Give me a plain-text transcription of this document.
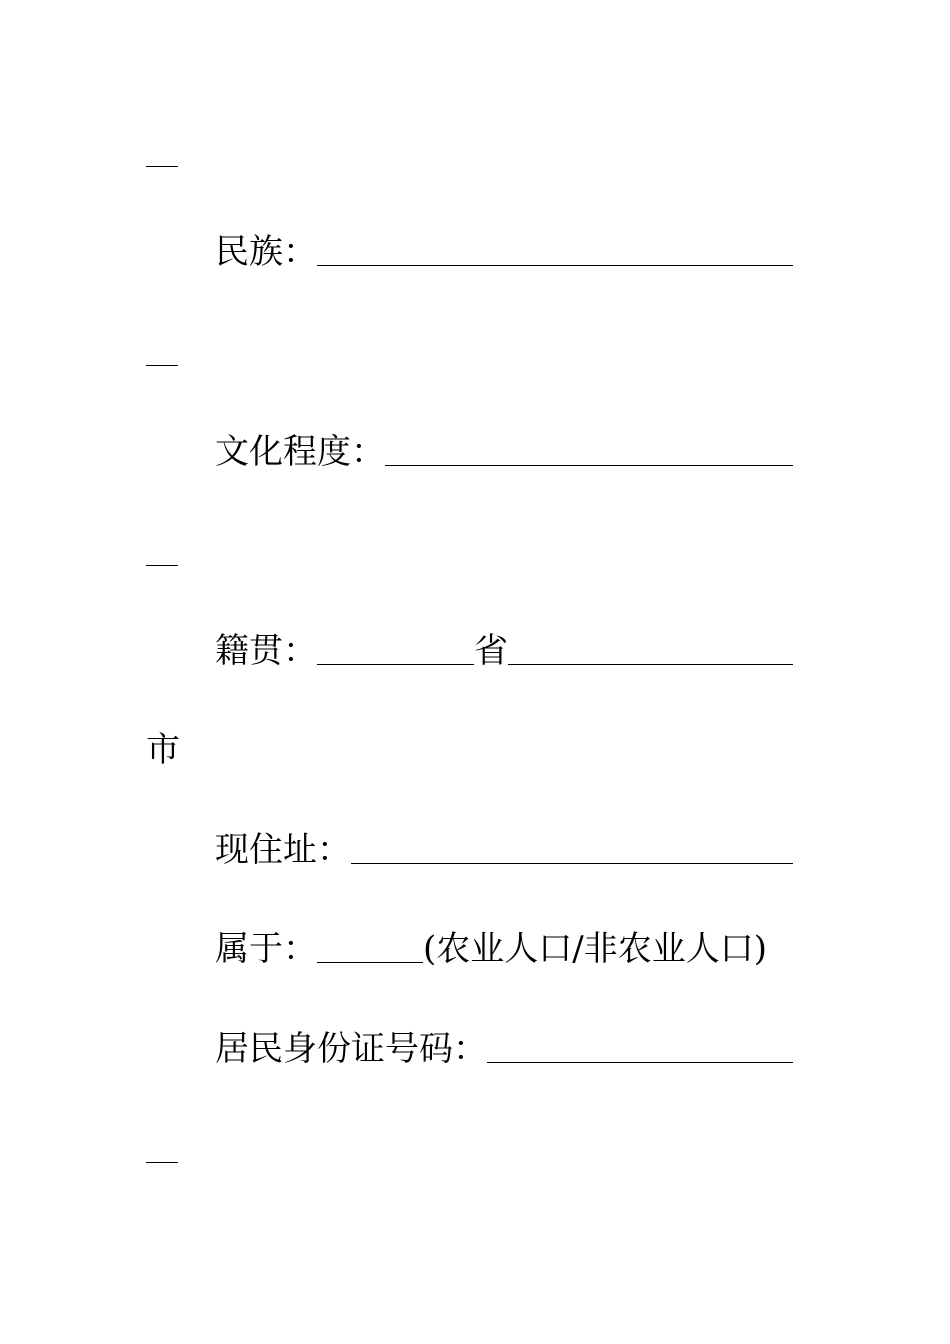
民族：
文化程度：
籍贯：	省
市
现住址：
属于：	(农业人口/非农业人口)
居民身份证号码：
